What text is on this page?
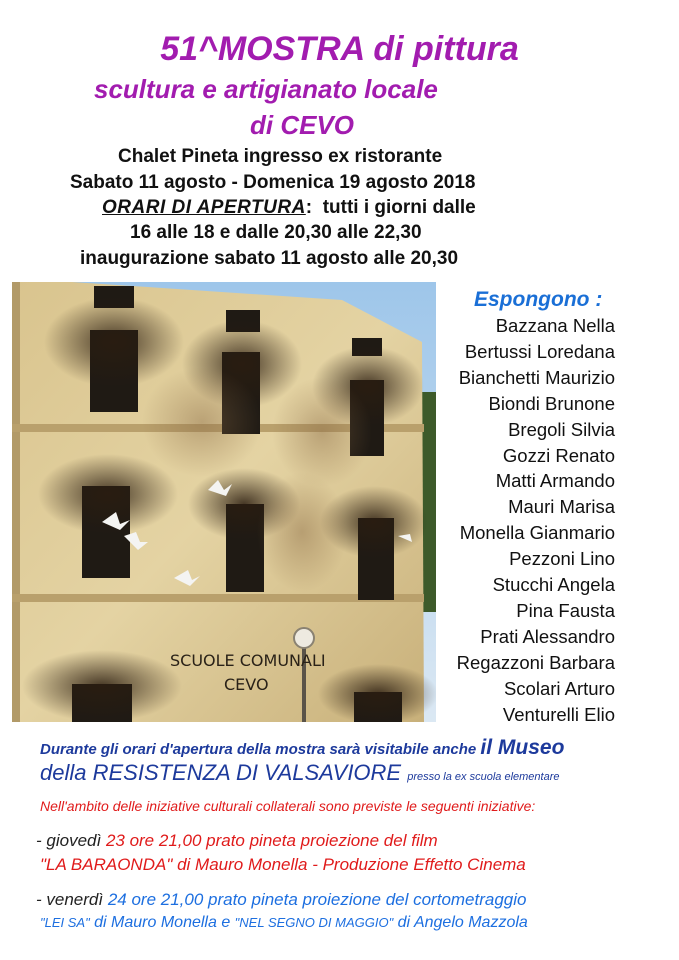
51^MOSTRA di pittura
scultura e artigianato locale
di CEVO
Chalet Pineta ingresso ex ristorante
Sabato 11 agosto - Domenica 19 agosto 2018
ORARI DI APERTURA: tutti i giorni dalle
16 alle 18 e dalle 20,30 alle 22,30
inaugurazione sabato 11 agosto alle 20,30
SCUOLE COMUNALI
CEVO
Espongono :
Bazzana Nella
Bertussi Loredana
Bianchetti Maurizio
Biondi Brunone
Bregoli Silvia
Gozzi Renato
Matti Armando
Mauri Marisa
Monella Gianmario
Pezzoni Lino
Stucchi Angela
Pina Fausta
Prati Alessandro
Regazzoni Barbara
Scolari Arturo
Venturelli Elio
Durante gli orari d'apertura della mostra sarà visitabile anche il Museo
della RESISTENZA DI VALSAVIORE presso la ex scuola elementare
Nell'ambito delle iniziative culturali collaterali sono previste le seguenti iniziative:
- giovedì 23 ore 21,00 prato pineta proiezione del film
"LA BARAONDA" di Mauro Monella - Produzione Effetto Cinema
- venerdì 24 ore 21,00 prato pineta proiezione del cortometraggio
"LEI SA" di Mauro Monella e "NEL SEGNO DI MAGGIO" di Angelo Mazzola
